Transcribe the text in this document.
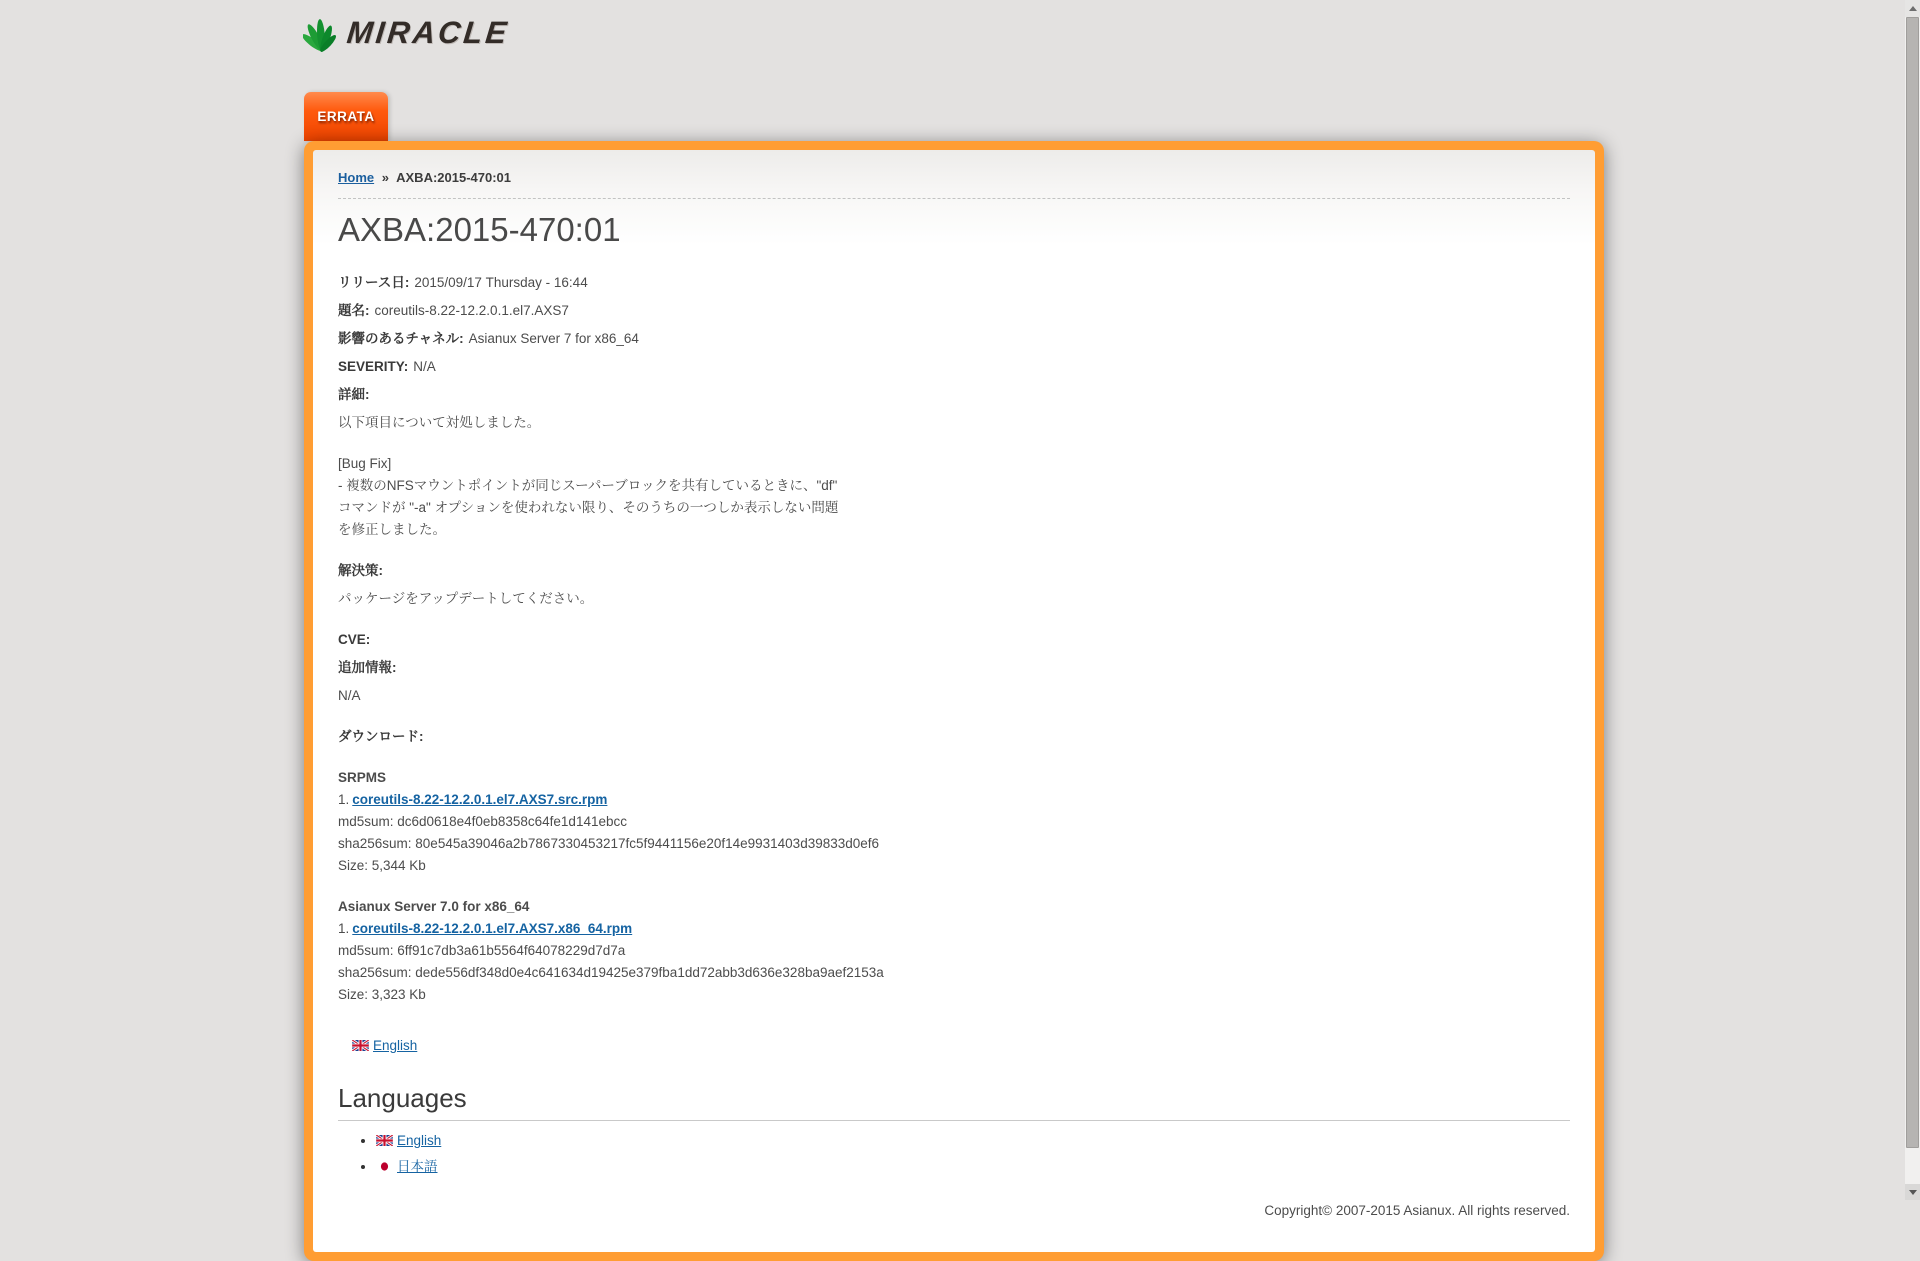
MIRACLE
ERRATA
Home » AXBA:2015-470:01
AXBA:2015-470:01

リリース日: 2015/09/17 Thursday - 16:44

題名: coreutils-8.22-12.2.0.1.el7.AXS7

影響のあるチャネル: Asianux Server 7 for x86_64

SEVERITY: N/A

詳細:

以下項目について対処しました。

[Bug Fix]

- 複数のNFSマウントポイントが同じスーパーブロックを共有しているときに、"df"

コマンドが "-a" オプションを使われない限り、そのうちの一つしか表示しない問題

を修正しました。

解決策:

パッケージをアップデートしてください。

CVE:

追加情報:

N/A

ダウンロード:

SRPMS

1. coreutils-8.22-12.2.0.1.el7.AXS7.src.rpm

md5sum: dc6d0618e4f0eb8358c64fe1d141ebcc

sha256sum: 80e545a39046a2b7867330453217fc5f9441156e20f14e9931403d39833d0ef6

Size: 5,344 Kb

Asianux Server 7.0 for x86_64

1. coreutils-8.22-12.2.0.1.el7.AXS7.x86_64.rpm

md5sum: 6ff91c7db3a61b5564f64078229d7d7a

sha256sum: dede556df348d0e4c641634d19425e379fba1dd72abb3d636e328ba9aef2153a

Size: 3,323 Kb

English
Languages
• English
• 日本語
Copyright© 2007-2015 Asianux. All rights reserved.
